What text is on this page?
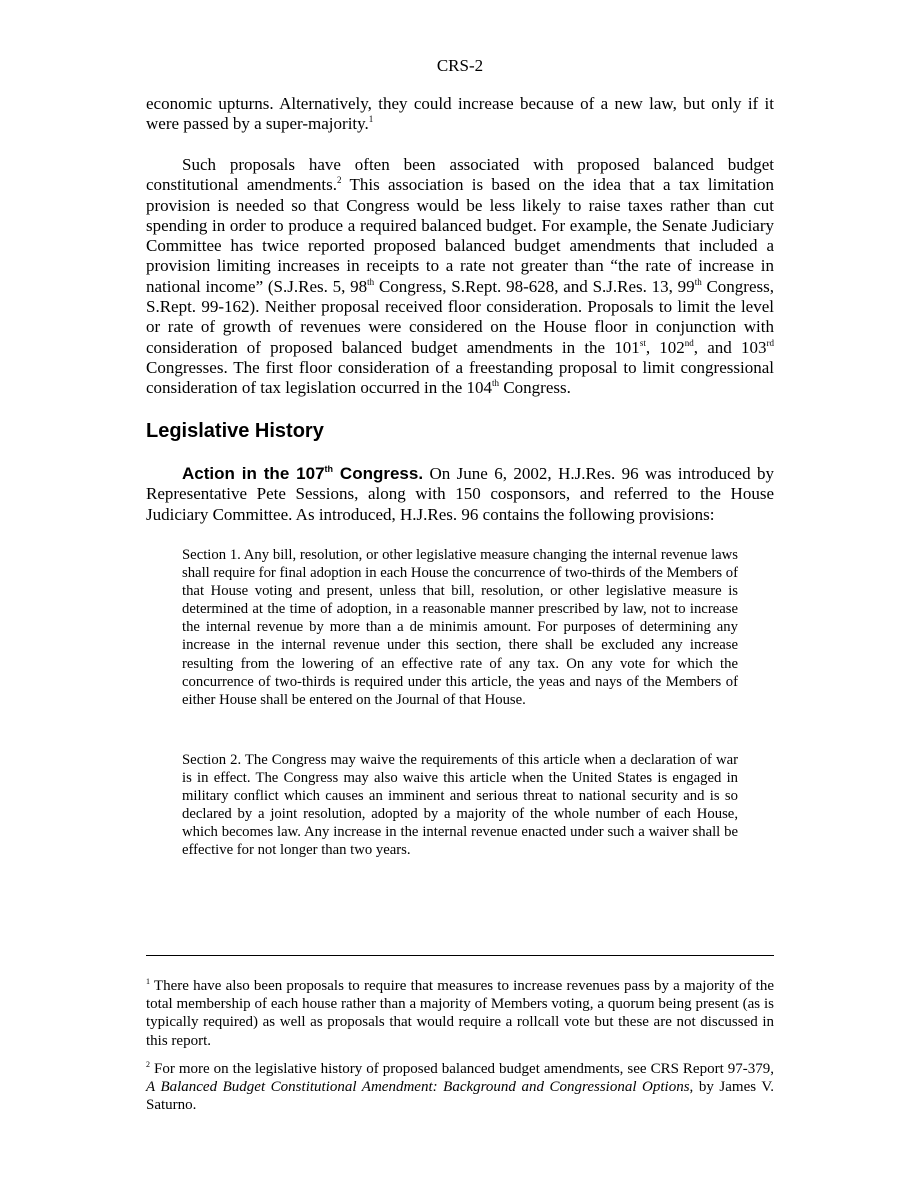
CRS-2

economic upturns. Alternatively, they could increase because of a new law, but only if it were passed by a super-majority.$^1$

Such proposals have often been associated with proposed balanced budget constitutional amendments.$^2$ This association is based on the idea that a tax limitation provision is needed so that Congress would be less likely to raise taxes rather than cut spending in order to produce a required balanced budget. For example, the Senate Judiciary Committee has twice reported proposed balanced budget amendments that included a provision limiting increases in receipts to a rate not greater than “the rate of increase in national income” (S.J.Res. 5, 98th Congress, S.Rept. 98-628, and S.J.Res. 13, 99th Congress, S.Rept. 99-162). Neither proposal received floor consideration. Proposals to limit the level or rate of growth of revenues were considered on the House floor in conjunction with consideration of proposed balanced budget amendments in the 101st, 102nd, and 103rd Congresses. The first floor consideration of a freestanding proposal to limit congressional consideration of tax legislation occurred in the 104th Congress.

Legislative History

Action in the 107th Congress. On June 6, 2002, H.J.Res. 96 was introduced by Representative Pete Sessions, along with 150 cosponsors, and referred to the House Judiciary Committee. As introduced, H.J.Res. 96 contains the following provisions:

Section 1. Any bill, resolution, or other legislative measure changing the internal revenue laws shall require for final adoption in each House the concurrence of two-thirds of the Members of that House voting and present, unless that bill, resolution, or other legislative measure is determined at the time of adoption, in a reasonable manner prescribed by law, not to increase the internal revenue by more than a de minimis amount. For purposes of determining any increase in the internal revenue under this section, there shall be excluded any increase resulting from the lowering of an effective rate of any tax. On any vote for which the concurrence of two-thirds is required under this article, the yeas and nays of the Members of either House shall be entered on the Journal of that House.

Section 2. The Congress may waive the requirements of this article when a declaration of war is in effect. The Congress may also waive this article when the United States is engaged in military conflict which causes an imminent and serious threat to national security and is so declared by a joint resolution, adopted by a majority of the whole number of each House, which becomes law. Any increase in the internal revenue enacted under such a waiver shall be effective for not longer than two years.

$^1$ There have also been proposals to require that measures to increase revenues pass by a majority of the total membership of each house rather than a majority of Members voting, a quorum being present (as is typically required) as well as proposals that would require a rollcall vote but these are not discussed in this report.

$^2$ For more on the legislative history of proposed balanced budget amendments, see CRS Report 97-379, A Balanced Budget Constitutional Amendment: Background and Congressional Options, by James V. Saturno.
